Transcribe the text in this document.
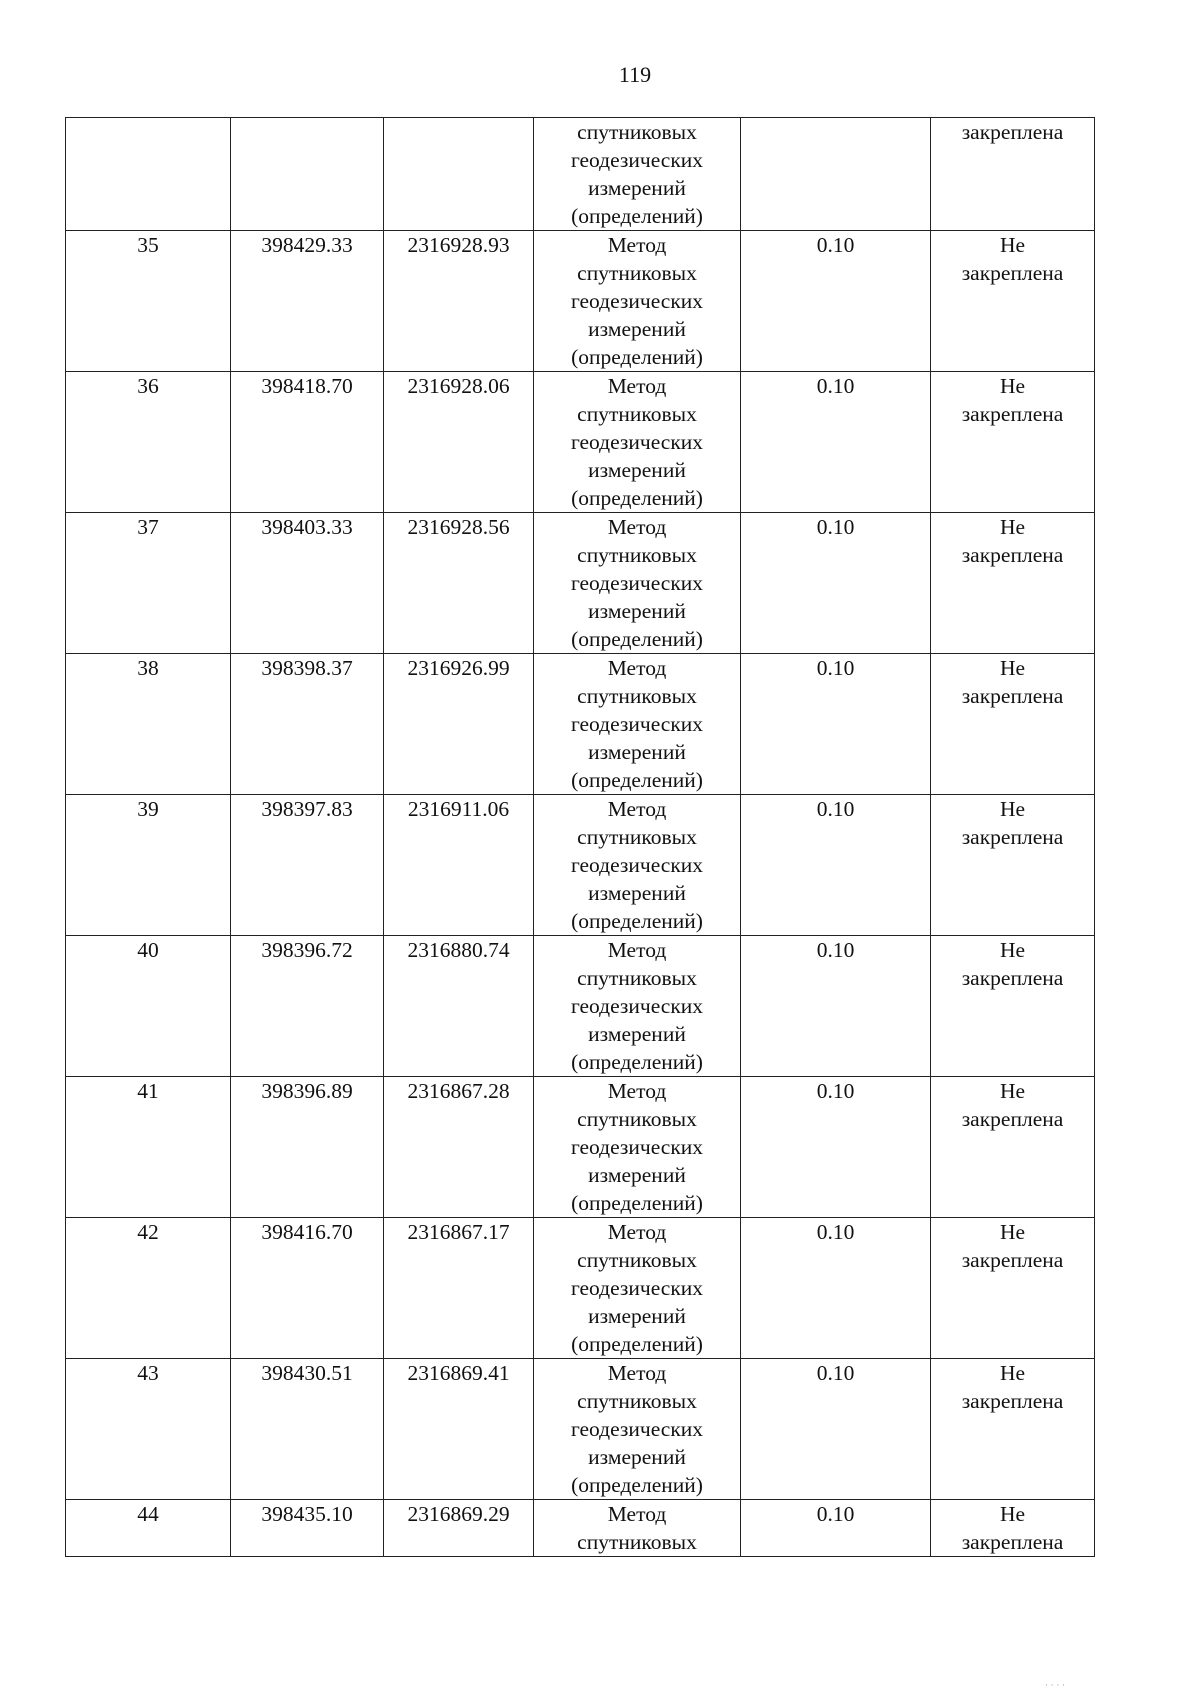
119
			спутниковых
геодезических
измерений
(определений)		закреплена
35	398429.33	2316928.93	Метод
спутниковых
геодезических
измерений
(определений)	0.10	Не
закреплена
36	398418.70	2316928.06	Метод
спутниковых
геодезических
измерений
(определений)	0.10	Не
закреплена
37	398403.33	2316928.56	Метод
спутниковых
геодезических
измерений
(определений)	0.10	Не
закреплена
38	398398.37	2316926.99	Метод
спутниковых
геодезических
измерений
(определений)	0.10	Не
закреплена
39	398397.83	2316911.06	Метод
спутниковых
геодезических
измерений
(определений)	0.10	Не
закреплена
40	398396.72	2316880.74	Метод
спутниковых
геодезических
измерений
(определений)	0.10	Не
закреплена
41	398396.89	2316867.28	Метод
спутниковых
геодезических
измерений
(определений)	0.10	Не
закреплена
42	398416.70	2316867.17	Метод
спутниковых
геодезических
измерений
(определений)	0.10	Не
закреплена
43	398430.51	2316869.41	Метод
спутниковых
геодезических
измерений
(определений)	0.10	Не
закреплена
44	398435.10	2316869.29	Метод
спутниковых	0.10	Не
закреплена
· · · ·
